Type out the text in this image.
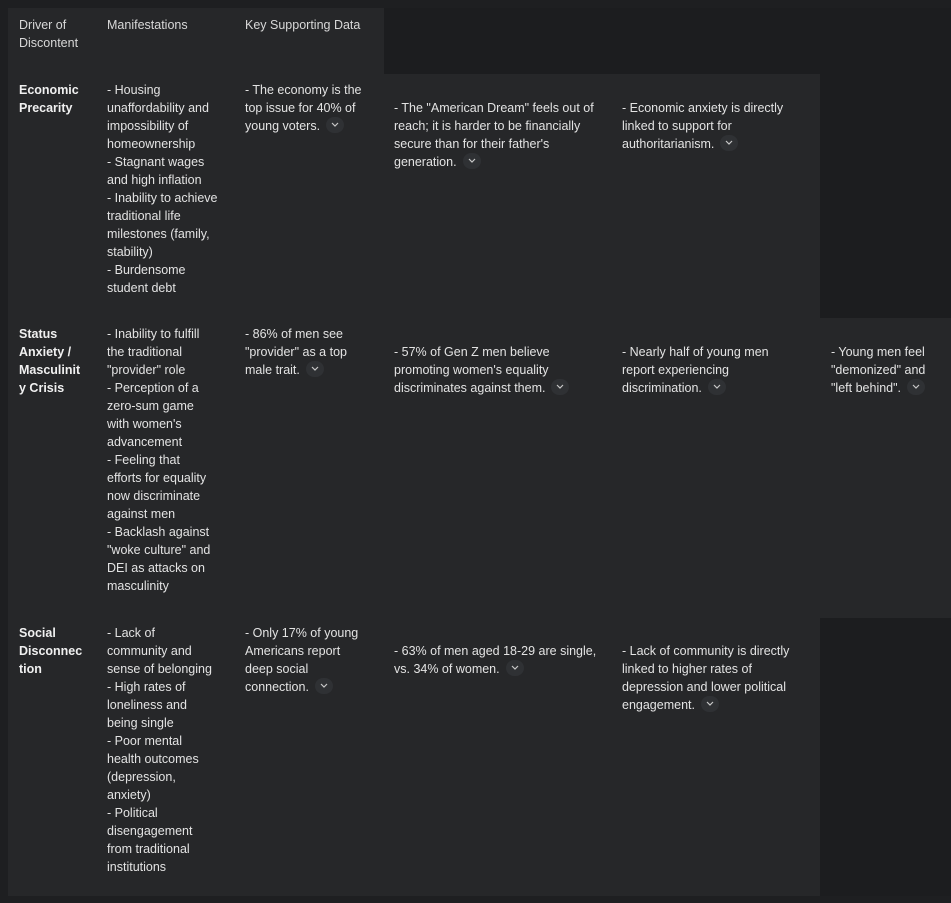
Driver of
Discontent
Manifestations	Key Supporting Data
Economic
Precarity
- Housing
unaffordability and
impossibility of
homeownership
- Stagnant wages
and high inflation
- Inability to achieve
traditional life
milestones (family,
stability)
- Burdensome
student debt
- The economy is the
top issue for 40% of
young voters.
- The "American Dream" feels out of
reach; it is harder to be financially
secure than for their father's
generation.
- Economic anxiety is directly
linked to support for
authoritarianism.
Status
Anxiety /
Masculinit
y Crisis
- Inability to fulfill
the traditional
"provider" role
- Perception of a
zero-sum game
with women's
advancement
- Feeling that
efforts for equality
now discriminate
against men
- Backlash against
"woke culture" and
DEI as attacks on
masculinity
- 86% of men see
"provider" as a top
male trait.
- 57% of Gen Z men believe
promoting women's equality
discriminates against them.
- Nearly half of young men
report experiencing
discrimination.
- Young men feel
"demonized" and
"left behind".
Social
Disconnec
tion
- Lack of
community and
sense of belonging
- High rates of
loneliness and
being single
- Poor mental
health outcomes
(depression,
anxiety)
- Political
disengagement
from traditional
institutions
- Only 17% of young
Americans report
deep social
connection.
- 63% of men aged 18-29 are single,
vs. 34% of women.
- Lack of community is directly
linked to higher rates of
depression and lower political
engagement.
